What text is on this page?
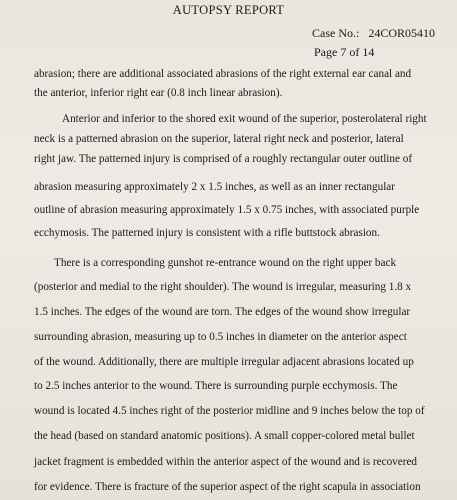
AUTOPSY REPORT
Case No.:   24COR05410
Page 7 of 14
abrasion; there are additional associated abrasions of the right external ear canal and
the anterior, inferior right ear (0.8 inch linear abrasion).
Anterior and inferior to the shored exit wound of the superior, posterolateral right
neck is a patterned abrasion on the superior, lateral right neck and posterior, lateral
right jaw. The patterned injury is comprised of a roughly rectangular outer outline of
abrasion measuring approximately 2 x 1.5 inches, as well as an inner rectangular
outline of abrasion measuring approximately 1.5 x 0.75 inches, with associated purple
ecchymosis. The patterned injury is consistent with a rifle buttstock abrasion.
There is a corresponding gunshot re-entrance wound on the right upper back
(posterior and medial to the right shoulder). The wound is irregular, measuring 1.8 x
1.5 inches. The edges of the wound are torn. The edges of the wound show irregular
surrounding abrasion, measuring up to 0.5 inches in diameter on the anterior aspect
of the wound. Additionally, there are multiple irregular adjacent abrasions located up
to 2.5 inches anterior to the wound. There is surrounding purple ecchymosis. The
wound is located 4.5 inches right of the posterior midline and 9 inches below the top of
the head (based on standard anatomic positions). A small copper-colored metal bullet
jacket fragment is embedded within the anterior aspect of the wound and is recovered
for evidence. There is fracture of the superior aspect of the right scapula in association
